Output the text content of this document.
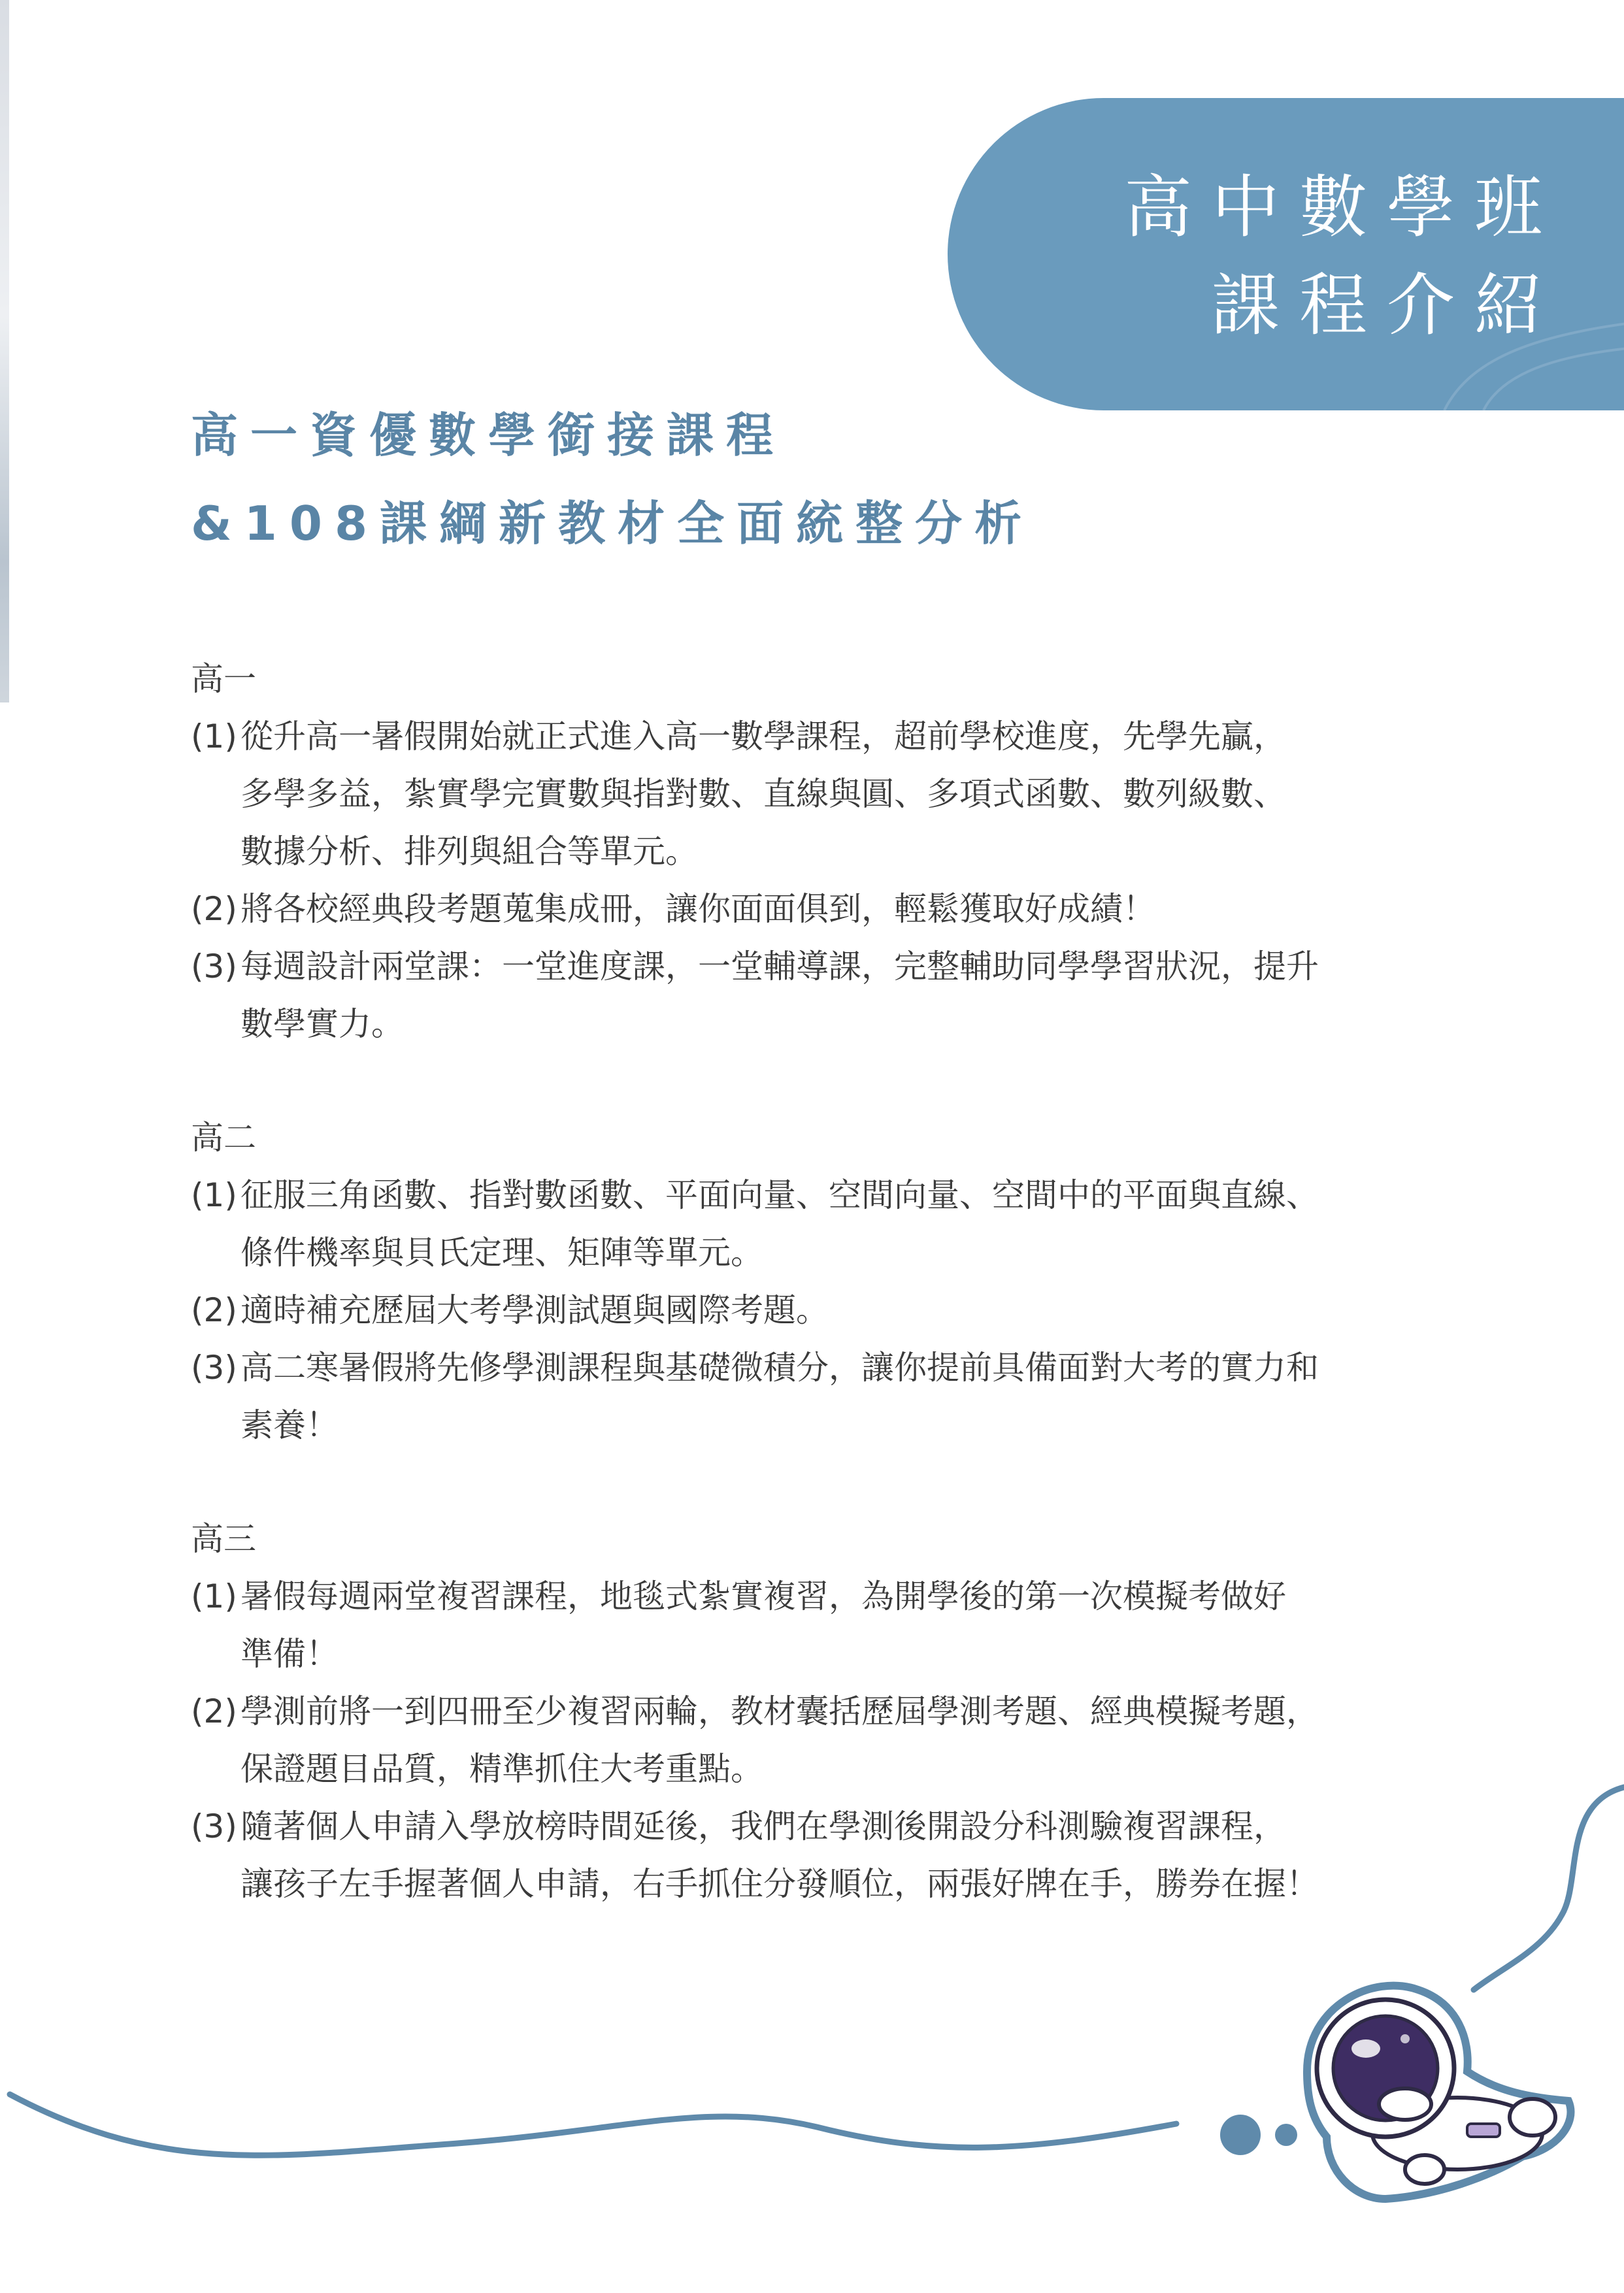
高中數學班
課程介紹
高一資優數學銜接課程
&108課綱新教材全面統整分析
高一
(1) 從升高一暑假開始就正式進入高一數學課程，超前學校進度，先學先贏，
多學多益，紮實學完實數與指對數、直線與圓、多項式函數、數列級數、
數據分析、排列與組合等單元。
(2) 將各校經典段考題蒐集成冊，讓你面面俱到，輕鬆獲取好成績！
(3) 每週設計兩堂課：一堂進度課，一堂輔導課，完整輔助同學學習狀況，提升
數學實力。
高二
(1) 征服三角函數、指對數函數、平面向量、空間向量、空間中的平面與直線、
條件機率與貝氏定理、矩陣等單元。
(2) 適時補充歷屆大考學測試題與國際考題。
(3) 高二寒暑假將先修學測課程與基礎微積分，讓你提前具備面對大考的實力和
素養！
高三
(1) 暑假每週兩堂複習課程，地毯式紮實複習，為開學後的第一次模擬考做好
準備！
(2) 學測前將一到四冊至少複習兩輪，教材囊括歷屆學測考題、經典模擬考題，
保證題目品質，精準抓住大考重點。
(3) 隨著個人申請入學放榜時間延後，我們在學測後開設分科測驗複習課程，
讓孩子左手握著個人申請，右手抓住分發順位，兩張好牌在手，勝券在握！
